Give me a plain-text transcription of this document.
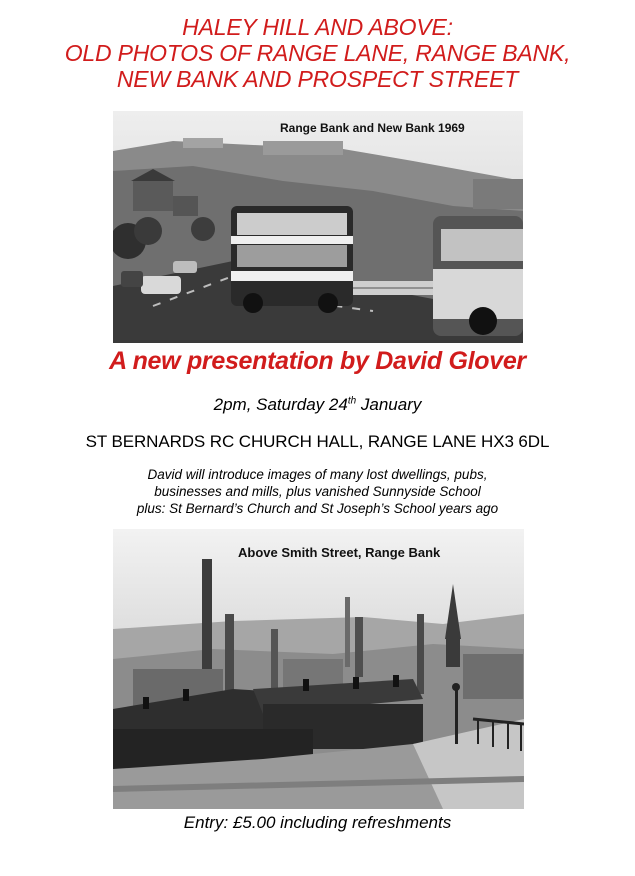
HALEY HILL AND ABOVE:
OLD PHOTOS OF RANGE LANE, RANGE BANK,
NEW BANK AND PROSPECT STREET
Range Bank and New Bank 1969
A new presentation by David Glover
2pm, Saturday 24th January
ST BERNARDS RC CHURCH HALL, RANGE LANE HX3 6DL
David will introduce images of many lost dwellings, pubs,
businesses and mills, plus vanished Sunnyside School
plus: St Bernard’s Church and St Joseph’s School years ago
Above Smith Street, Range Bank
Entry: £5.00 including refreshments
